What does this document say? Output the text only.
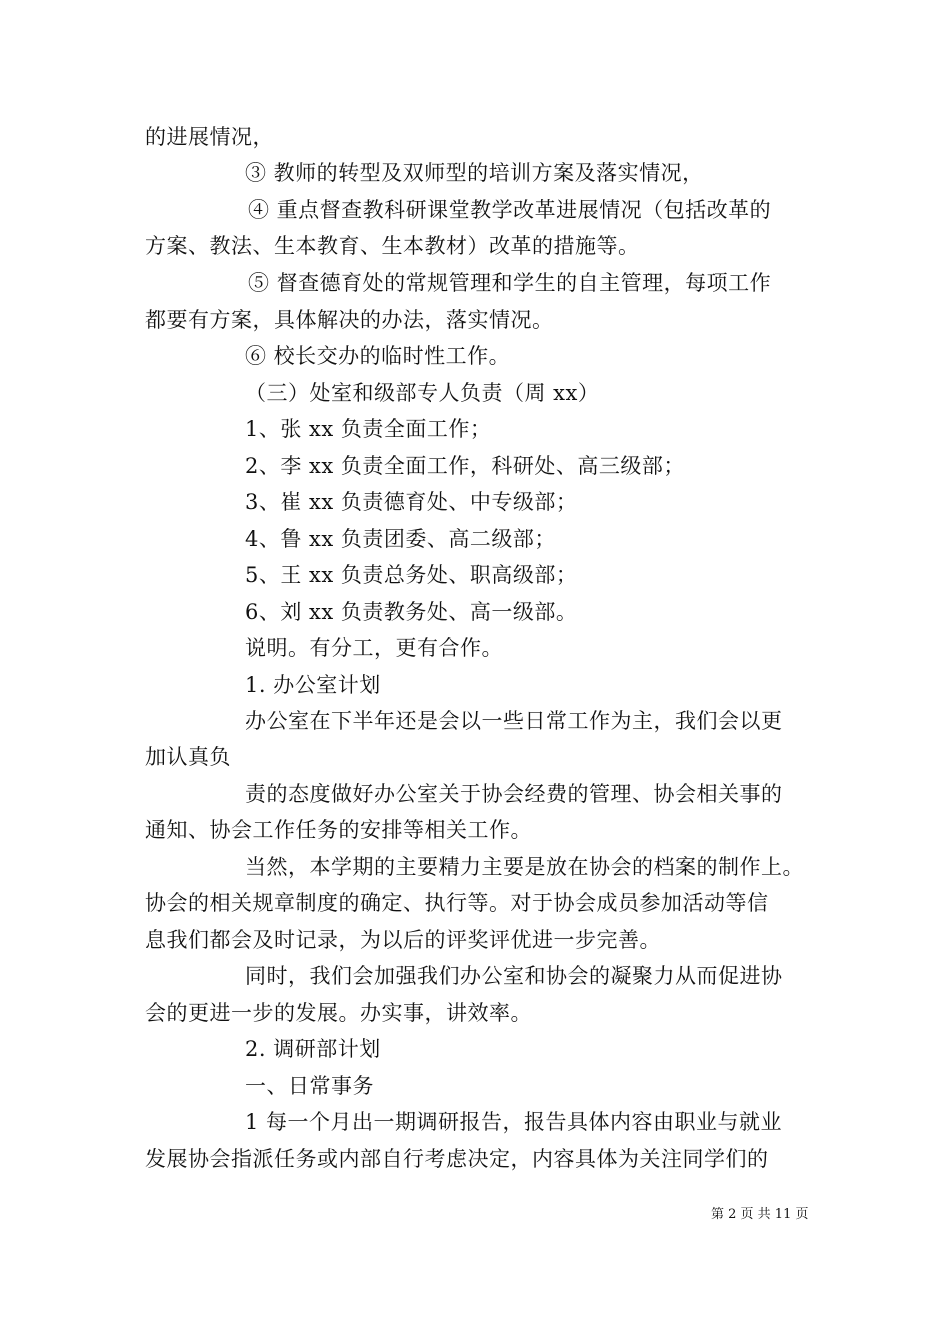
的进展情况，
③ 教师的转型及双师型的培训方案及落实情况，
④ 重点督查教科研课堂教学改革进展情况（包括改革的
方案、教法、生本教育、生本教材）改革的措施等。
⑤ 督查德育处的常规管理和学生的自主管理，每项工作
都要有方案，具体解决的办法，落实情况。
⑥ 校长交办的临时性工作。
（三）处室和级部专人负责（周 xx）
1、张 xx 负责全面工作；
2、李 xx 负责全面工作，科研处、高三级部；
3、崔 xx 负责德育处、中专级部；
4、鲁 xx 负责团委、高二级部；
5、王 xx 负责总务处、职高级部；
6、刘 xx 负责教务处、高一级部。
说明。有分工，更有合作。
1. 办公室计划
办公室在下半年还是会以一些日常工作为主，我们会以更
加认真负
责的态度做好办公室关于协会经费的管理、协会相关事的
通知、协会工作任务的安排等相关工作。
当然，本学期的主要精力主要是放在协会的档案的制作上。
协会的相关规章制度的确定、执行等。对于协会成员参加活动等信
息我们都会及时记录，为以后的评奖评优进一步完善。
同时，我们会加强我们办公室和协会的凝聚力从而促进协
会的更进一步的发展。办实事，讲效率。
2. 调研部计划
一、日常事务
1 每一个月出一期调研报告，报告具体内容由职业与就业
发展协会指派任务或内部自行考虑决定，内容具体为关注同学们的
第 2 页 共 11 页
